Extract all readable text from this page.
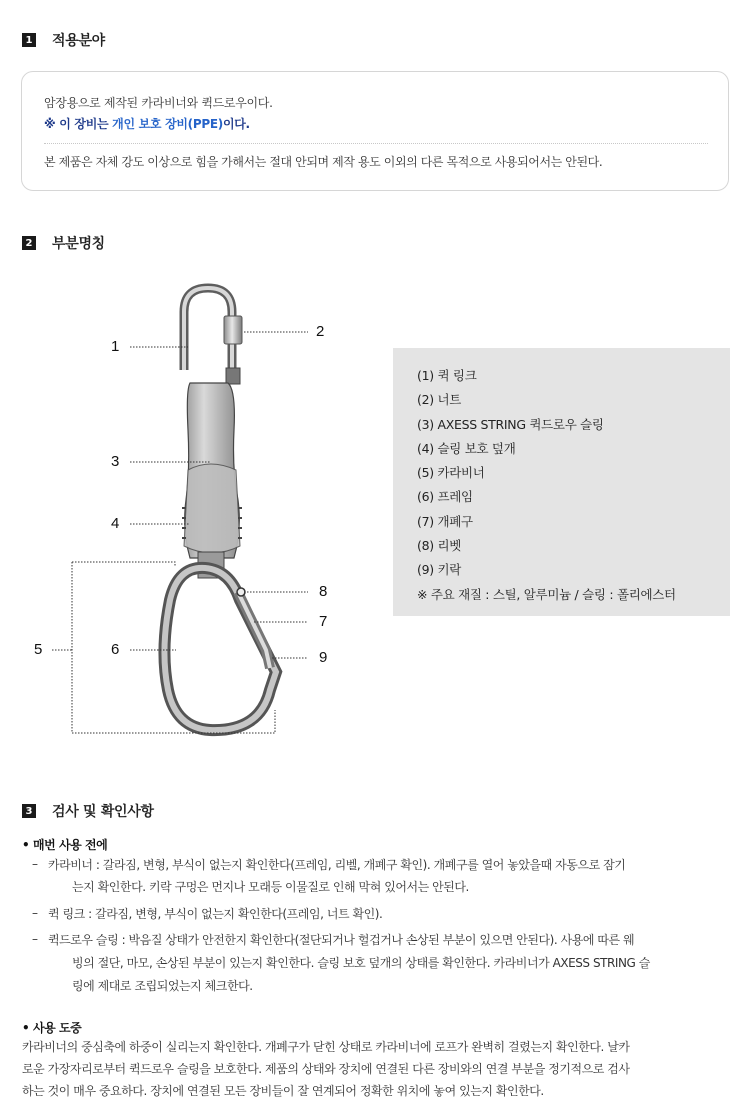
1 적용분야
암장용으로 제작된 카라비너와 퀵드로우이다.
※ 이 장비는 개인 보호 장비(PPE)이다.
본 제품은 자체 강도 이상으로 힘을 가해서는 절대 안되며 제작 용도 이외의 다른 목적으로 사용되어서는 안된다.
2 부분명칭
1
2
3
4
5	6
7
8
9
(1) 퀵 링크
(2) 너트
(3) AXESS STRING 퀵드로우 슬링
(4) 슬링 보호 덮개
(5) 카라비너
(6) 프레임
(7) 개폐구
(8) 리벳
(9) 키락
※ 주요 재질 : 스틸, 알루미늄 / 슬링 : 폴리에스터
3 검사 및 확인사항
• 매번 사용 전에
– 카라비너 : 갈라짐, 변형, 부식이 없는지 확인한다(프레임, 리벨, 개폐구 확인). 개폐구를 열어 놓았을때 자동으로 잠기
는지 확인한다. 키락 구멍은 먼지나 모래등 이물질로 인해 막혀 있어서는 안된다.
– 퀵 링크 : 갈라짐, 변형, 부식이 없는지 확인한다(프레임, 너트 확인).
– 퀵드로우 슬링 : 박음질 상태가 안전한지 확인한다(절단되거나 헐겁거나 손상된 부분이 있으면 안된다). 사용에 따른 웨
빙의 절단, 마모, 손상된 부분이 있는지 확인한다. 슬링 보호 덮개의 상태를 확인한다. 카라비너가 AXESS STRING 슬
링에 제대로 조립되었는지 체크한다.
• 사용 도중
카라비너의 중심축에 하중이 실리는지 확인한다. 개폐구가 닫힌 상태로 카라비너에 로프가 완벽히 걸렸는지 확인한다. 날카
로운 가장자리로부터 퀵드로우 슬링을 보호한다. 제품의 상태와 장치에 연결된 다른 장비와의 연결 부분을 정기적으로 검사
하는 것이 매우 중요하다. 장치에 연결된 모든 장비들이 잘 연계되어 정확한 위치에 놓여 있는지 확인한다.
